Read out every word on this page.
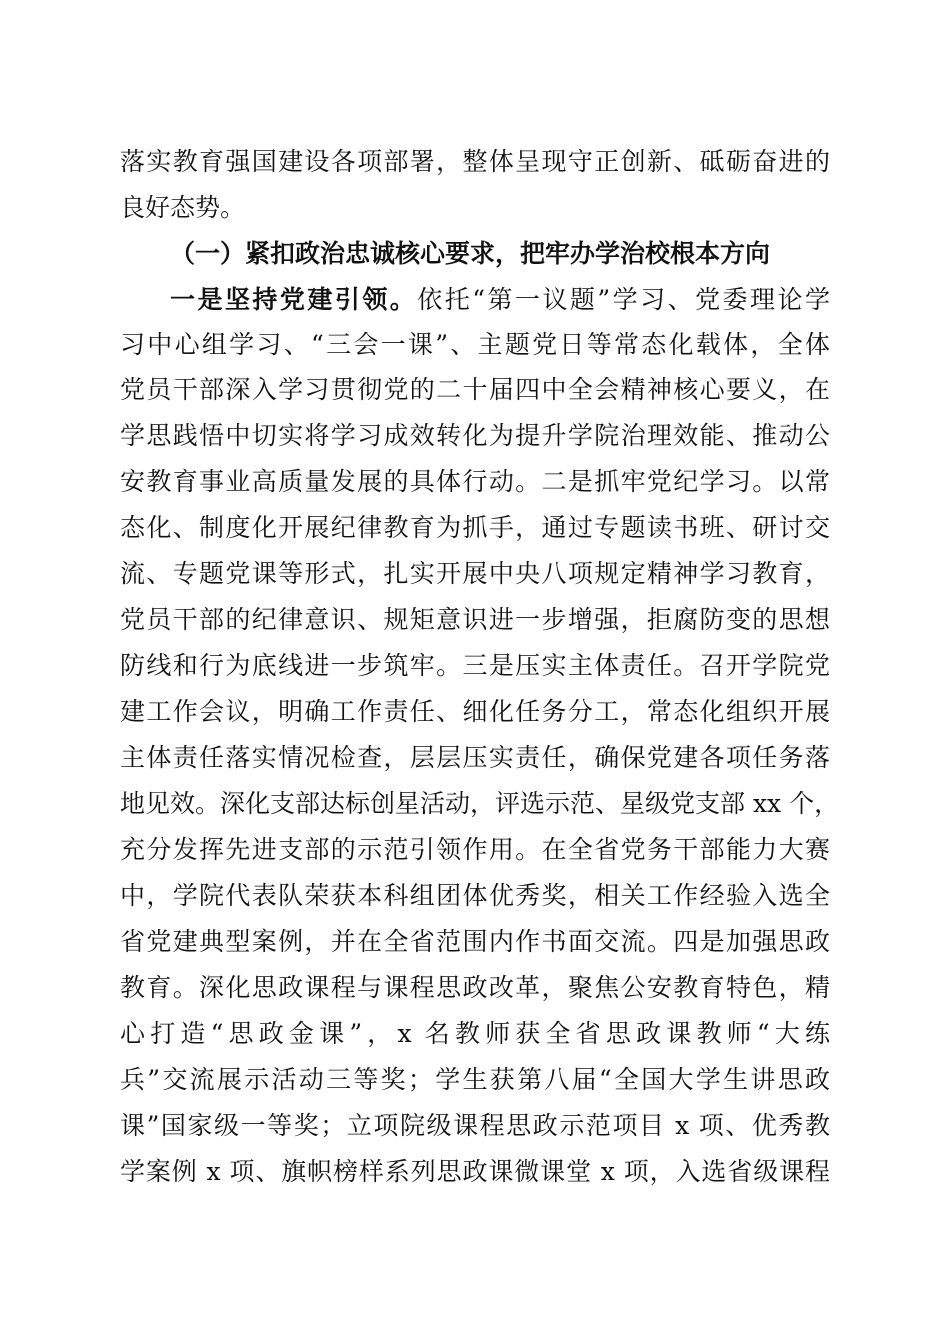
落实教育强国建设各项部署，整体呈现守正创新、砥砺奋进的
良好态势。
（一）紧扣政治忠诚核心要求，把牢办学治校根本方向
一是坚持党建引领。依托“第一议题”学习、党委理论学
习中心组学习、“三会一课”、主题党日等常态化载体，全体
党员干部深入学习贯彻党的二十届四中全会精神核心要义，在
学思践悟中切实将学习成效转化为提升学院治理效能、推动公
安教育事业高质量发展的具体行动。二是抓牢党纪学习。以常
态化、制度化开展纪律教育为抓手，通过专题读书班、研讨交
流、专题党课等形式，扎实开展中央八项规定精神学习教育，
党员干部的纪律意识、规矩意识进一步增强，拒腐防变的思想
防线和行为底线进一步筑牢。三是压实主体责任。召开学院党
建工作会议，明确工作责任、细化任务分工，常态化组织开展
主体责任落实情况检查，层层压实责任，确保党建各项任务落
地见效。深化支部达标创星活动，评选示范、星级党支部 xx 个，
充分发挥先进支部的示范引领作用。在全省党务干部能力大赛
中，学院代表队荣获本科组团体优秀奖，相关工作经验入选全
省党建典型案例，并在全省范围内作书面交流。四是加强思政
教育。深化思政课程与课程思政改革，聚焦公安教育特色，精
心打造“思政金课”，x 名教师获全省思政课教师“大练
兵”交流展示活动三等奖；学生获第八届“全国大学生讲思政
课”国家级一等奖；立项院级课程思政示范项目 x 项、优秀教
学案例 x 项、旗帜榜样系列思政课微课堂 x 项，入选省级课程
